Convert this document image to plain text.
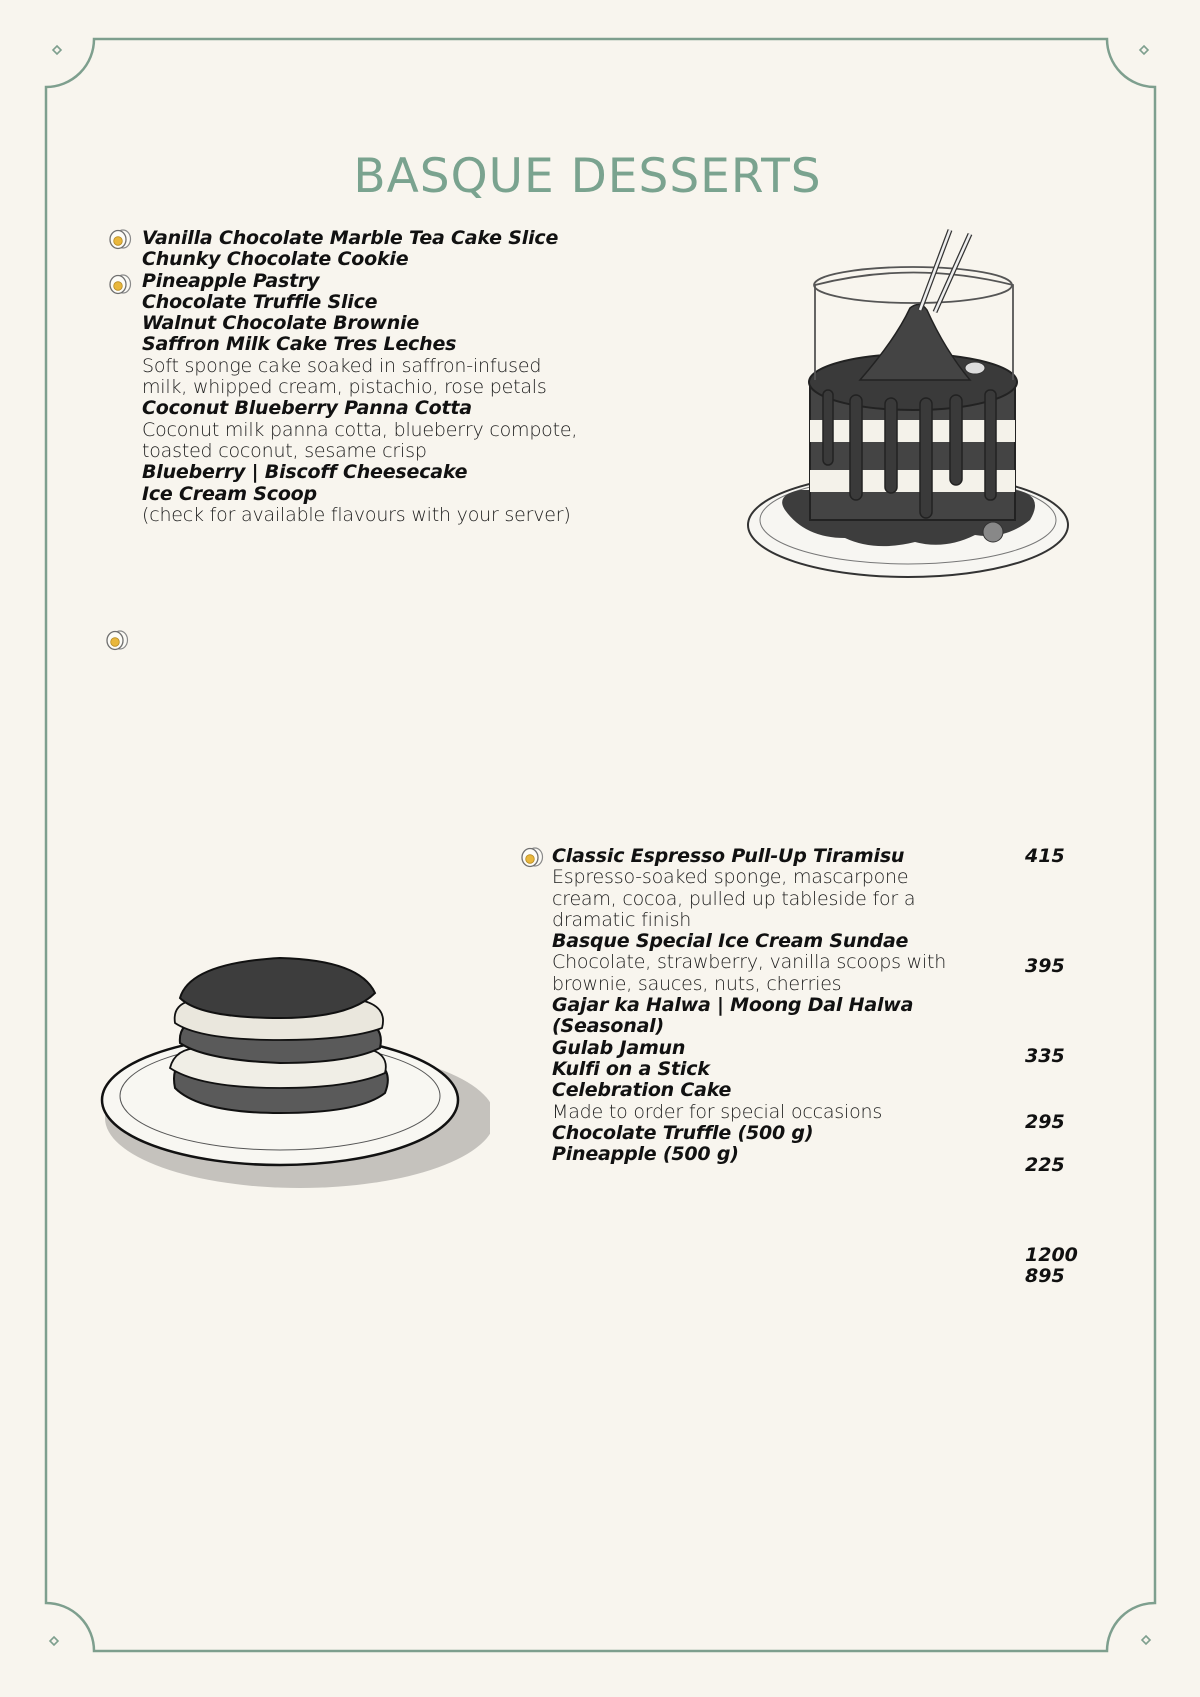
BASQUE DESSERTS
Vanilla Chocolate Marble Tea Cake Slice
Chunky Chocolate Cookie
Pineapple Pastry
Chocolate Truffle Slice
Walnut Chocolate Brownie
Saffron Milk Cake Tres Leches
Soft sponge cake soaked in saffron-infused
milk, whipped cream, pistachio, rose petals
Coconut Blueberry Panna Cotta
Coconut milk panna cotta, blueberry compote,
toasted coconut, sesame crisp
Blueberry | Biscoff Cheesecake
Ice Cream Scoop
(check for available flavours with your server)
Classic Espresso Pull-Up Tiramisu
Espresso-soaked sponge, mascarpone
cream, cocoa, pulled up tableside for a
dramatic finish
Basque Special Ice Cream Sundae
Chocolate, strawberry, vanilla scoops with
brownie, sauces, nuts, cherries
Gajar ka Halwa | Moong Dal Halwa
(Seasonal)
Gulab Jamun
Kulfi on a Stick
Celebration Cake
Made to order for special occasions
Chocolate Truffle (500 g)
Pineapple (500 g)
415
395
335
295
225
1200
895
